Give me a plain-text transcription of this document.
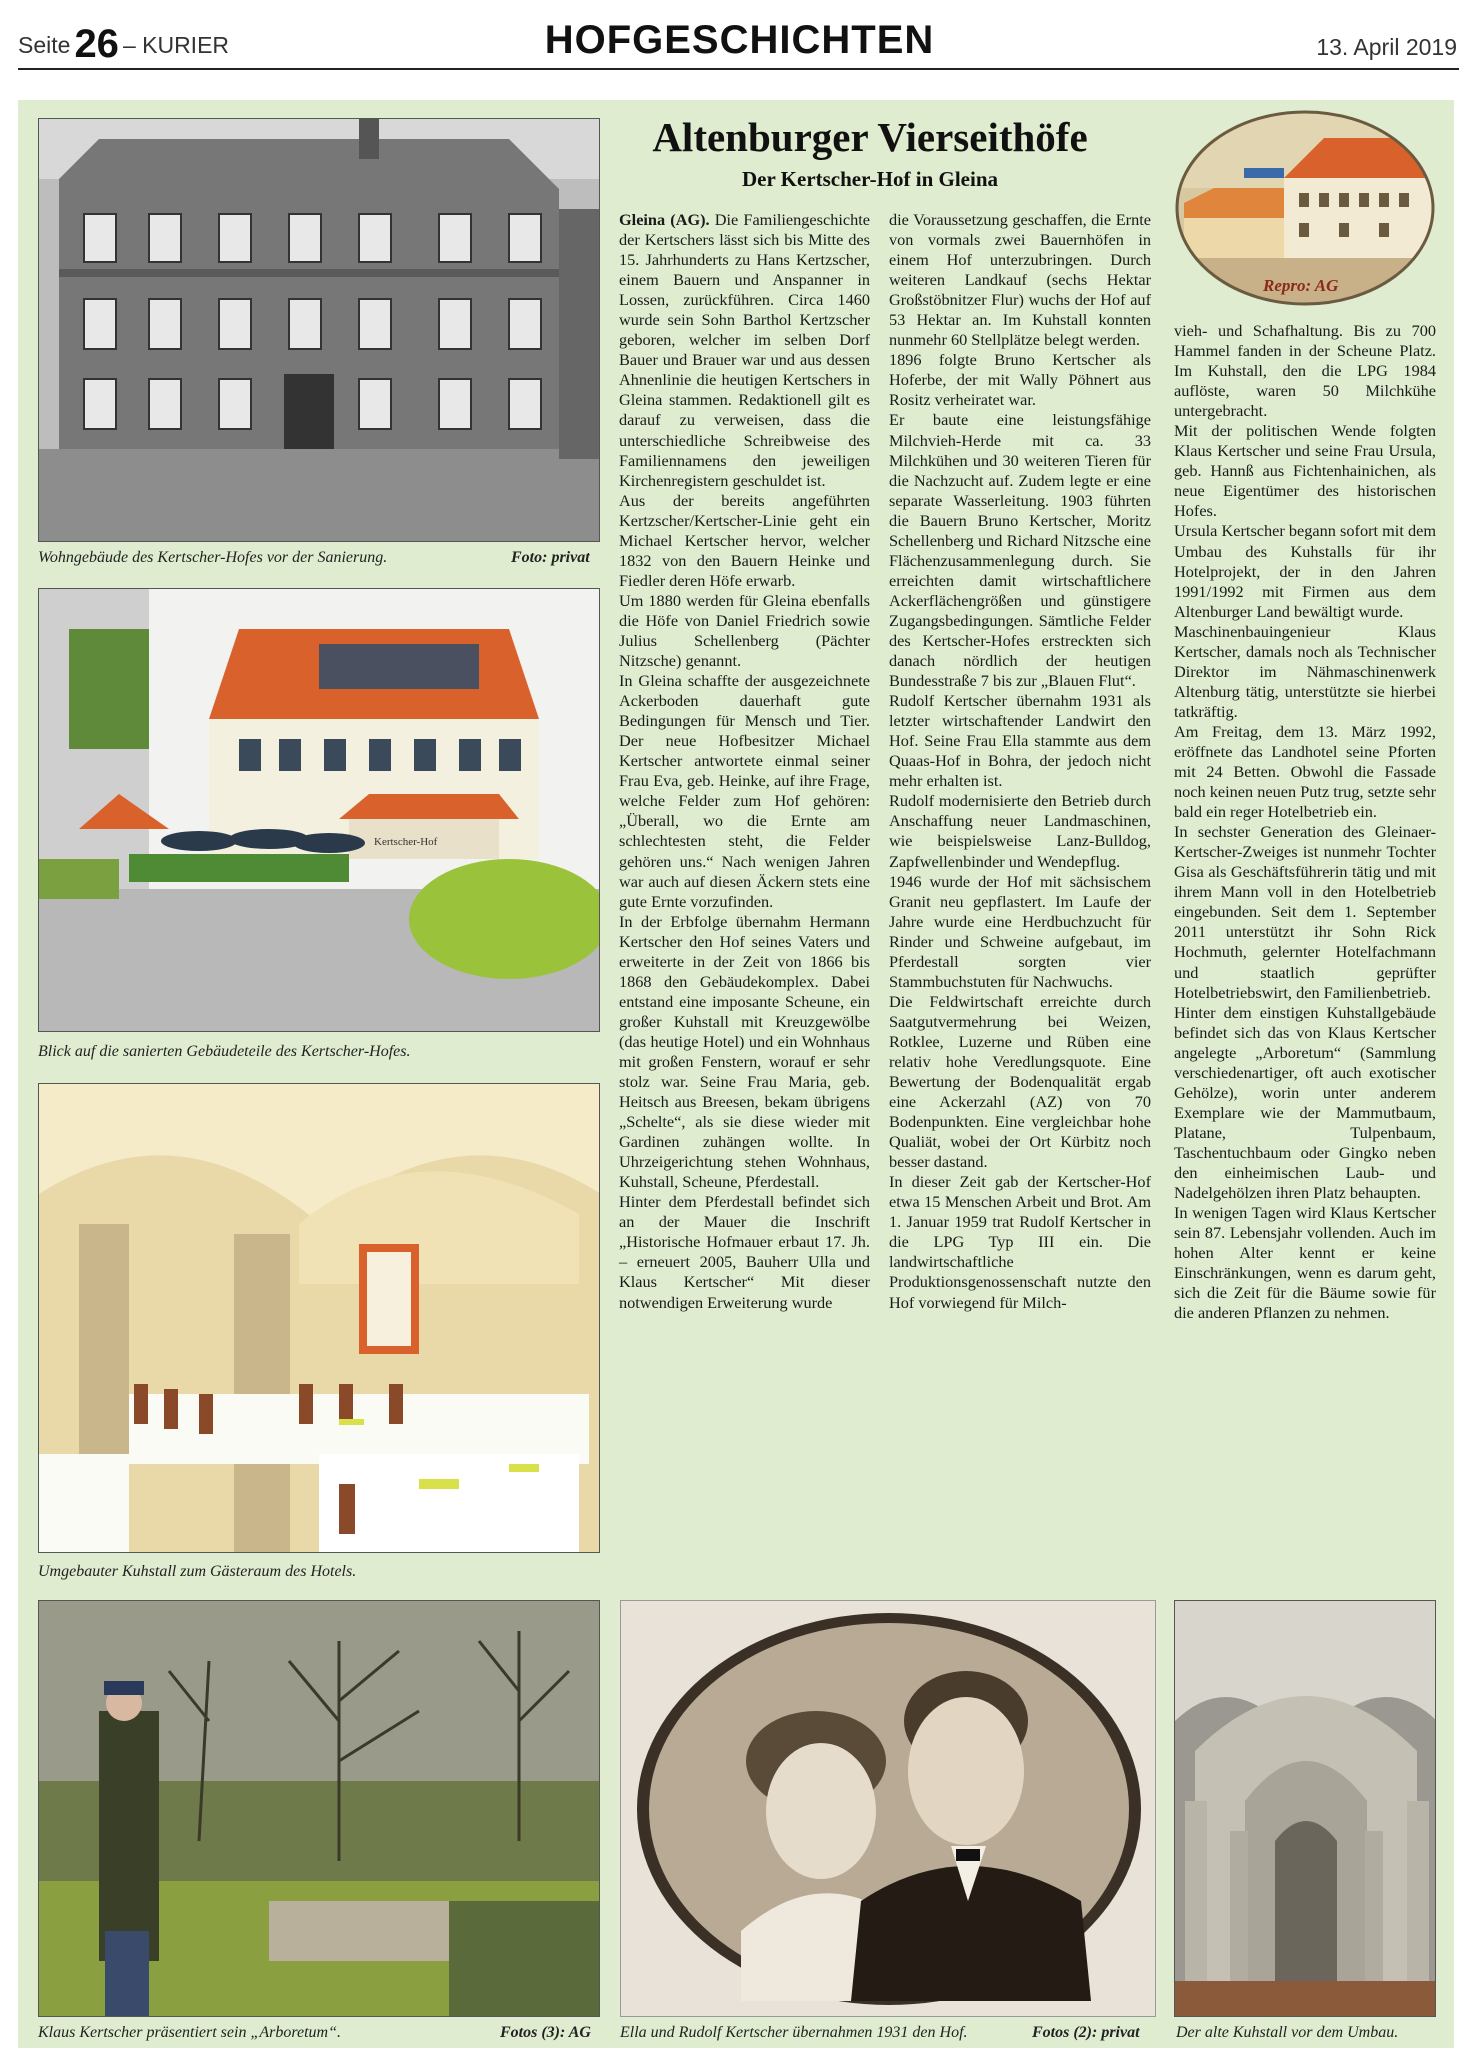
Seite 26 – KURIER	HOFGESCHICHTEN	13. April 2019
Wohngebäude des Kertscher-Hofes vor der Sanierung.	Foto: privat
Kertscher-Hof
Blick auf die sanierten Gebäudeteile des Kertscher-Hofes.
Umgebauter Kuhstall zum Gästeraum des Hotels.
Klaus Kertscher präsentiert sein „Arboretum“.	Fotos (3): AG Ella und Rudolf Kertscher übernahmen 1931 den Hof.	Fotos (2): privat Der alte Kuhstall vor dem Umbau.
Repro: AG
Altenburger Vierseithöfe
Der Kertscher-Hof in Gleina

Gleina (AG). Die Familiengeschichte der Kertschers lässt sich bis Mitte des 15. Jahrhunderts zu Hans Kertzscher, einem Bauern und Anspanner in Lossen, zurückführen. Circa 1460 wurde sein Sohn Barthol Kertzscher geboren, welcher im selben Dorf Bauer und Brauer war und aus dessen Ahnenlinie die heutigen Kertschers in Gleina stammen. Redaktionell gilt es darauf zu verweisen, dass die unterschiedliche Schreibweise des Familiennamens den jeweiligen Kirchenregistern geschuldet ist.

Aus der bereits angeführten Kertzscher/Kertscher-Linie geht ein Michael Kertscher hervor, welcher 1832 von den Bauern Heinke und Fiedler deren Höfe erwarb.

Um 1880 werden für Gleina ebenfalls die Höfe von Daniel Friedrich sowie Julius Schellenberg (Pächter Nitzsche) genannt.

In Gleina schaffte der ausgezeichnete Ackerboden dauerhaft gute Bedingungen für Mensch und Tier. Der neue Hofbesitzer Michael Kertscher antwortete einmal seiner Frau Eva, geb. Heinke, auf ihre Frage, welche Felder zum Hof gehören: „Überall, wo die Ernte am schlechtesten steht, die Felder gehören uns.“ Nach wenigen Jahren war auch auf diesen Äckern stets eine gute Ernte vorzufinden.

In der Erbfolge übernahm Hermann Kertscher den Hof seines Vaters und erweiterte in der Zeit von 1866 bis 1868 den Gebäudekomplex. Dabei entstand eine imposante Scheune, ein großer Kuhstall mit Kreuzgewölbe (das heutige Hotel) und ein Wohnhaus mit großen Fenstern, worauf er sehr stolz war. Seine Frau Maria, geb. Heitsch aus Breesen, bekam übrigens „Schelte“, als sie diese wieder mit Gardinen zuhängen wollte. In Uhrzeigerichtung stehen Wohnhaus, Kuhstall, Scheune, Pferdestall.

Hinter dem Pferdestall befindet sich an der Mauer die Inschrift „Historische Hofmauer erbaut 17. Jh. – erneuert 2005, Bauherr Ulla und Klaus Kertscher“ Mit dieser notwendigen Erweiterung wurde

die Voraussetzung geschaffen, die Ernte von vormals zwei Bauernhöfen in einem Hof unterzubringen. Durch weiteren Landkauf (sechs Hektar Großstöbnitzer Flur) wuchs der Hof auf 53 Hektar an. Im Kuhstall konnten nunmehr 60 Stellplätze belegt werden.

1896 folgte Bruno Kertscher als Hoferbe, der mit Wally Pöhnert aus Rositz verheiratet war.

Er baute eine leistungsfähige Milchvieh-Herde mit ca. 33 Milchkühen und 30 weiteren Tieren für die Nachzucht auf. Zudem legte er eine separate Wasserleitung. 1903 führten die Bauern Bruno Kertscher, Moritz Schellenberg und Richard Nitzsche eine Flächenzusammenlegung durch. Sie erreichten damit wirtschaftlichere Ackerflächengrößen und günstigere Zugangsbedingungen. Sämtliche Felder des Kertscher-Hofes erstreckten sich danach nördlich der heutigen Bundesstraße 7 bis zur „Blauen Flut“.

Rudolf Kertscher übernahm 1931 als letzter wirtschaftender Landwirt den Hof. Seine Frau Ella stammte aus dem Quaas-Hof in Bohra, der jedoch nicht mehr erhalten ist.

Rudolf modernisierte den Betrieb durch Anschaffung neuer Landmaschinen, wie beispielsweise Lanz-Bulldog, Zapfwellenbinder und Wendepflug.

1946 wurde der Hof mit sächsischem Granit neu gepflastert. Im Laufe der Jahre wurde eine Herdbuchzucht für Rinder und Schweine aufgebaut, im Pferdestall sorgten vier Stammbuchstuten für Nachwuchs.

Die Feldwirtschaft erreichte durch Saatgutvermehrung bei Weizen, Rotklee, Luzerne und Rüben eine relativ hohe Veredlungsquote. Eine Bewertung der Bodenqualität ergab eine Ackerzahl (AZ) von 70 Bodenpunkten. Eine vergleichbar hohe Qualiät, wobei der Ort Kürbitz noch besser dastand.

In dieser Zeit gab der Kertscher-Hof etwa 15 Menschen Arbeit und Brot. Am 1. Januar 1959 trat Rudolf Kertscher in die LPG Typ III ein. Die landwirtschaftliche Produktionsgenossenschaft nutzte den Hof vorwiegend für Milch-

vieh- und Schafhaltung. Bis zu 700 Hammel fanden in der Scheune Platz. Im Kuhstall, den die LPG 1984 auflöste, waren 50 Milchkühe untergebracht.

Mit der politischen Wende folgten Klaus Kertscher und seine Frau Ursula, geb. Hannß aus Fichtenhainichen, als neue Eigentümer des historischen Hofes.

Ursula Kertscher begann sofort mit dem Umbau des Kuhstalls für ihr Hotelprojekt, der in den Jahren 1991/1992 mit Firmen aus dem Altenburger Land bewältigt wurde.

Maschinenbauingenieur Klaus Kertscher, damals noch als Technischer Direktor im Nähmaschinenwerk Altenburg tätig, unterstützte sie hierbei tatkräftig.

Am Freitag, dem 13. März 1992, eröffnete das Landhotel seine Pforten mit 24 Betten. Obwohl die Fassade noch keinen neuen Putz trug, setzte sehr bald ein reger Hotelbetrieb ein.

In sechster Generation des Gleinaer-Kertscher-Zweiges ist nunmehr Tochter Gisa als Geschäftsführerin tätig und mit ihrem Mann voll in den Hotelbetrieb eingebunden. Seit dem 1. September 2011 unterstützt ihr Sohn Rick Hochmuth, gelernter Hotelfachmann und staatlich geprüfter Hotelbetriebswirt, den Familienbetrieb.

Hinter dem einstigen Kuhstallgebäude befindet sich das von Klaus Kertscher angelegte „Arboretum“ (Sammlung verschiedenartiger, oft auch exotischer Gehölze), worin unter anderem Exemplare wie der Mammutbaum, Platane, Tulpenbaum, Taschentuchbaum oder Gingko neben den einheimischen Laub- und Nadelgehölzen ihren Platz behaupten.

In wenigen Tagen wird Klaus Kertscher sein 87. Lebensjahr vollenden. Auch im hohen Alter kennt er keine Einschränkungen, wenn es darum geht, sich die Zeit für die Bäume sowie für die anderen Pflanzen zu nehmen.
